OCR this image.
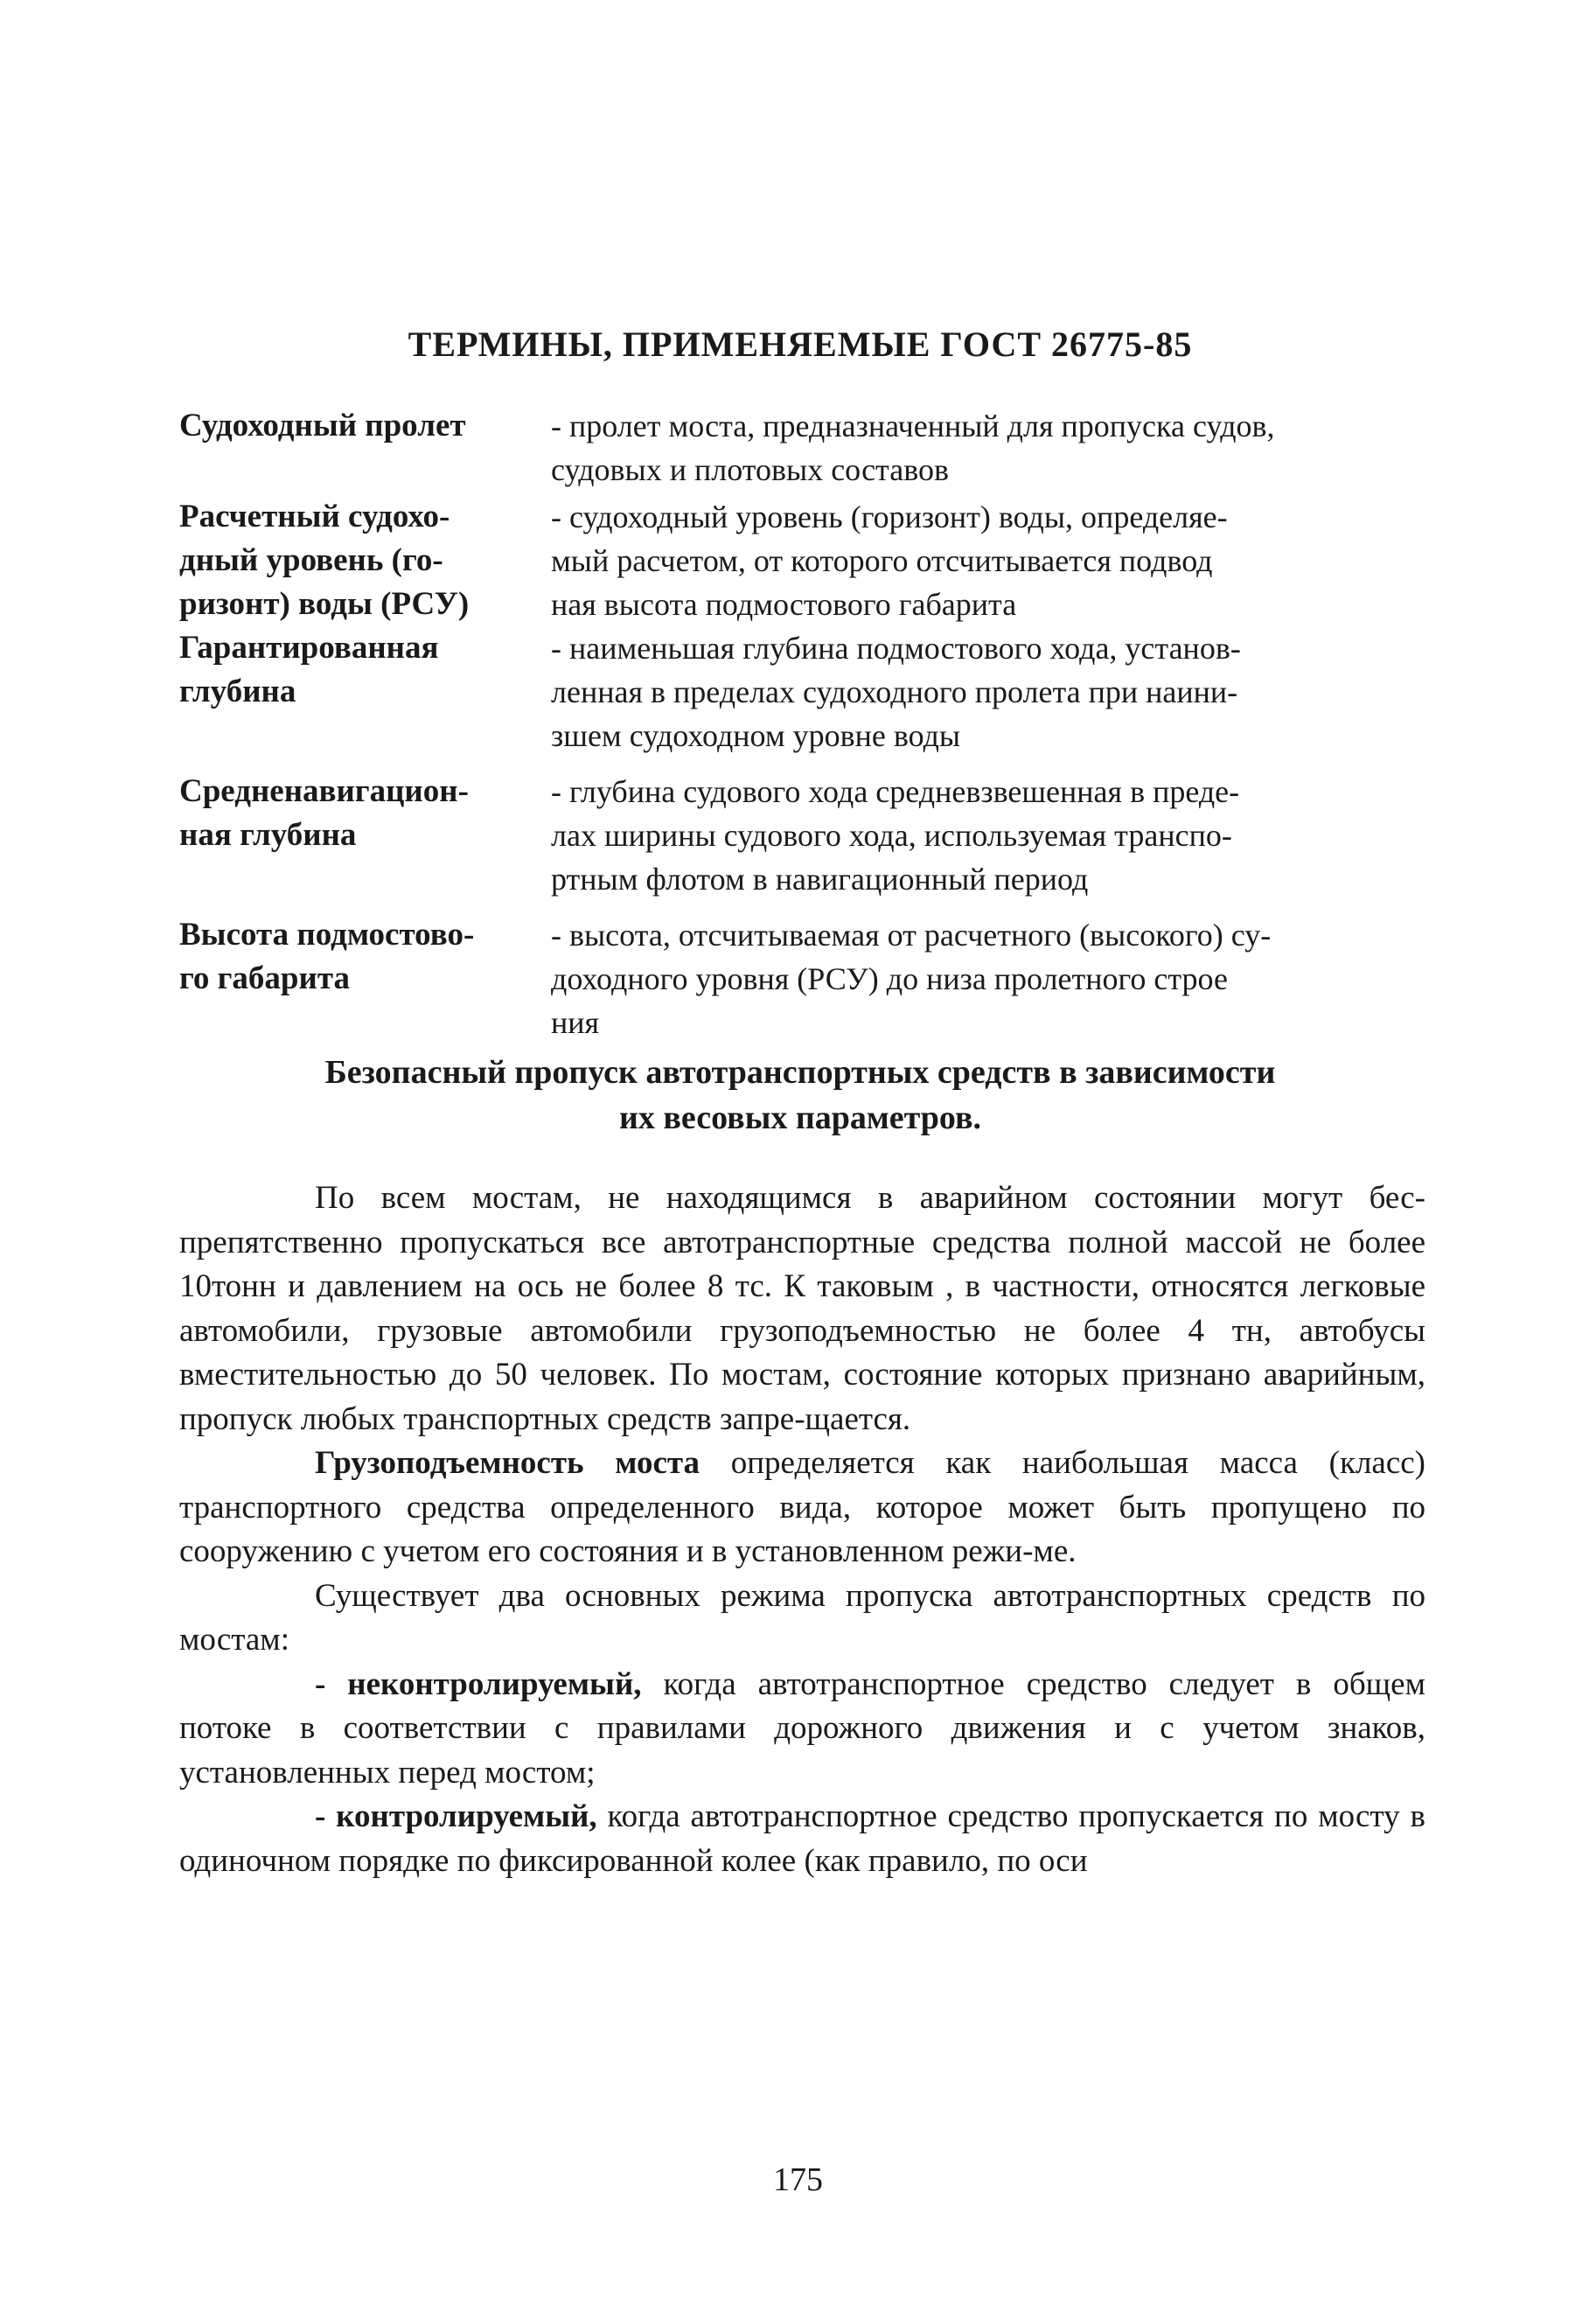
ТЕРМИНЫ, ПРИМЕНЯЕМЫЕ ГОСТ 26775-85
Судоходный пролет	- пролет моста, предназначенный для пропуска судов,
судовых и плотовых составов
Расчетный судохо-
дный уровень (го-
ризонт) воды (РСУ)
- судоходный уровень (горизонт) воды, определяе-
мый расчетом, от которого отсчитывается подвод
ная высота подмостового габарита
Гарантированная
глубина
- наименьшая глубина подмостового хода, установ-
ленная в пределах судоходного пролета при наини-
зшем судоходном уровне воды
Средненавигацион-
ная глубина
- глубина судового хода средневзвешенная в преде-
лах ширины судового хода, используемая транспо-
ртным флотом в навигационный период
Высота подмостово-
го габарита
- высота, отсчитываемая от расчетного (высокого) су-
доходного уровня (РСУ) до низа пролетного строе
ния
Безопасный пропуск автотранспортных средств в зависимости
их весовых параметров.

По всем мостам, не находящимся в аварийном состоянии могут бес-препятственно пропускаться все автотранспортные средства полной массой не более 10тонн и давлением на ось не более 8 тс. К таковым , в частности, относятся легковые автомобили, грузовые автомобили грузоподъемностью не более 4 тн, автобусы вместительностью до 50 человек. По мостам, состояние которых признано аварийным, пропуск любых транспортных средств запре-щается.

Грузоподъемность моста определяется как наибольшая масса (класс) транспортного средства определенного вида, которое может быть пропущено по сооружению с учетом его состояния и в установленном режи-ме.

Существует два основных режима пропуска автотранспортных средств по мостам:

- неконтролируемый, когда автотранспортное средство следует в общем потоке в соответствии с правилами дорожного движения и с учетом знаков, установленных перед мостом;

- контролируемый, когда автотранспортное средство пропускается по мосту в одиночном порядке по фиксированной колее (как правило, по оси

175
